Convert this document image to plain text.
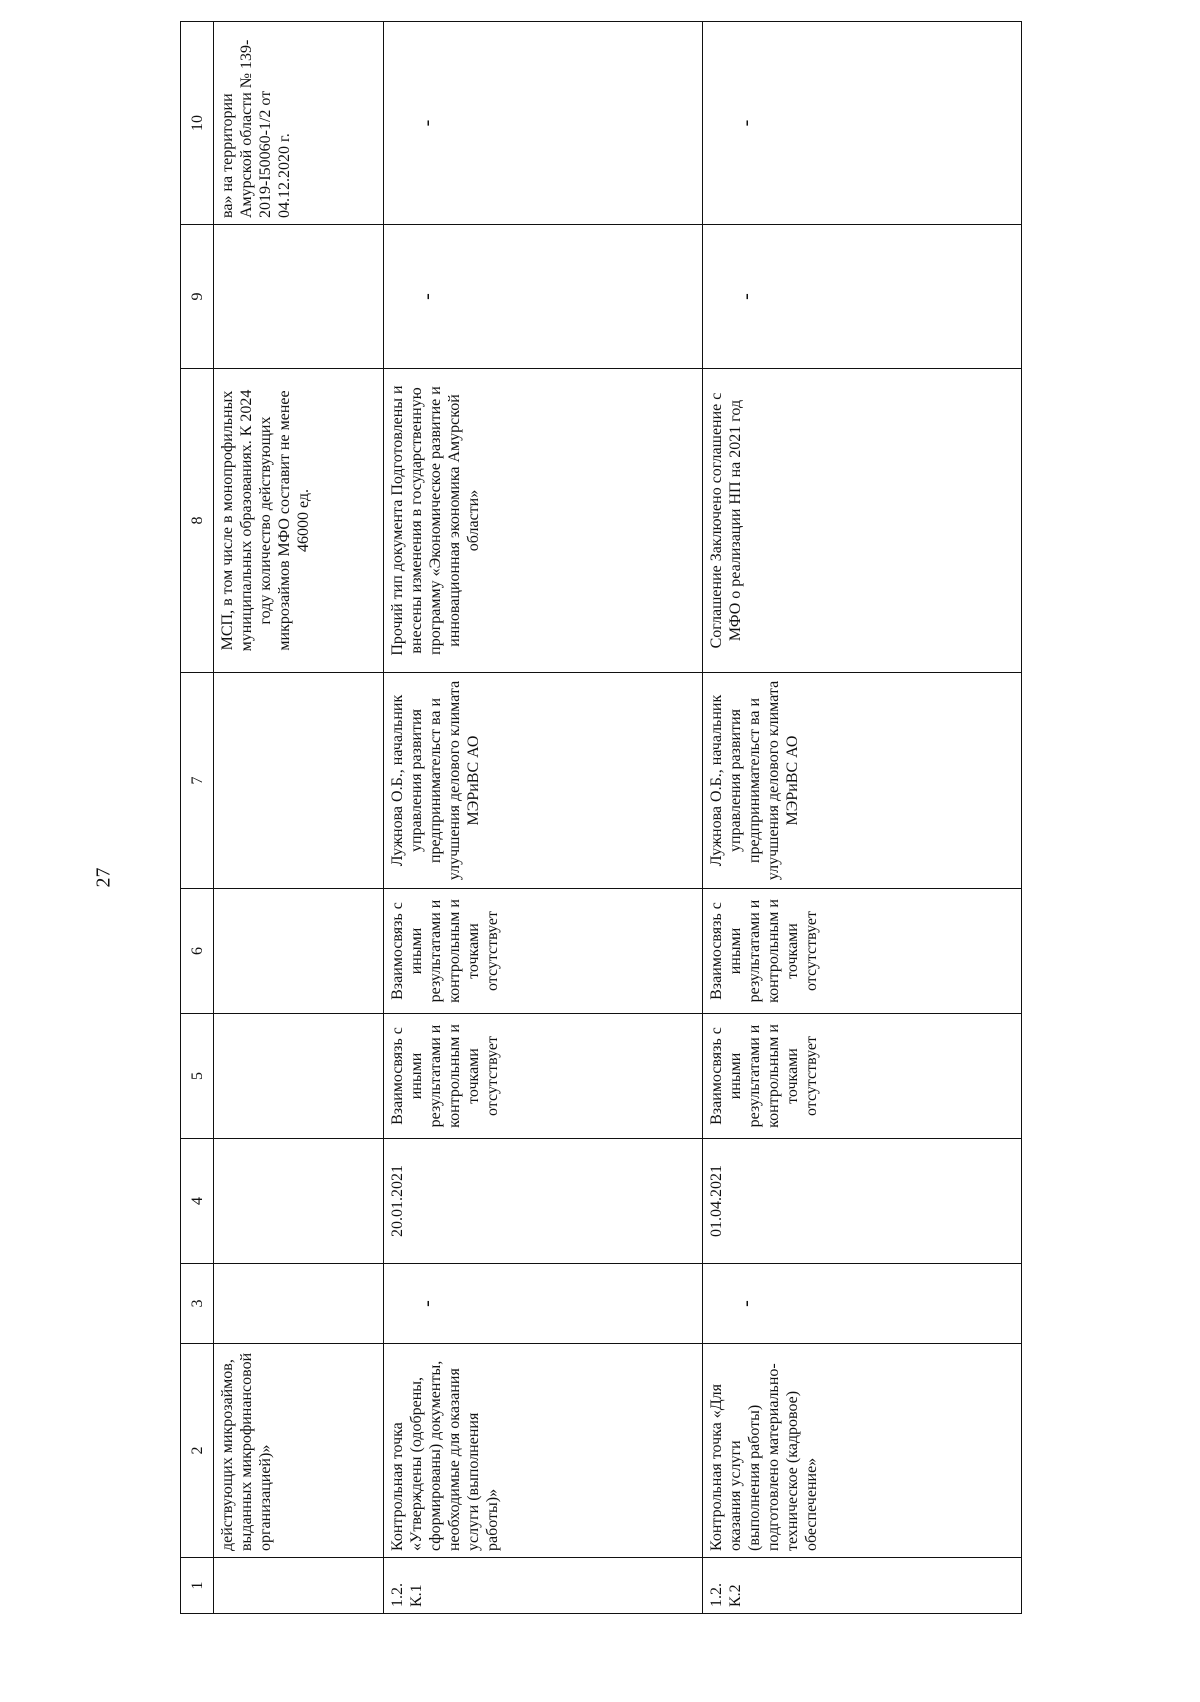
27
1	2	3	4	5	6	7	8	9	10
	действующих микрозаймов, выданных микрофинансовой организацией)»						МСП, в том числе в монопрофильных муниципальных образованиях. К 2024 году количество действующих микрозаймов МФО составит не менее 46000 ед.		ва» на территории Амурской области № 139-2019-I50060-1/2 от 04.12.2020 г.
1.2. К.1	Контрольная точка «Утверждены (одобрены, сформированы) документы, необходимые для оказания услуги (выполнения работы)»	-	20.01.2021	Взаимосвязь с иными результатами и контрольным и точками отсутствует	Взаимосвязь с иными результатами и контрольным и точками отсутствует	Лужнова О.Б., начальник управления развития предпринимательст ва и улучшения делового климата МЭРиВС АО	Прочий тип документа Подготовлены и внесены изменения в государственную программу «Экономическое развитие и инновационная экономика Амурской области»	-	-
1.2. К.2	Контрольная точка «Для оказания услуги (выполнения работы) подготовлено материально-техническое (кадровое) обеспечение»	-	01.04.2021	Взаимосвязь с иными результатами и контрольным и точками отсутствует	Взаимосвязь с иными результатами и контрольным и точками отсутствует	Лужнова О.Б., начальник управления развития предпринимательст ва и улучшения делового климата МЭРиВС АО	Соглашение Заключено соглашение с МФО о реализации НП на 2021 год	-	-
